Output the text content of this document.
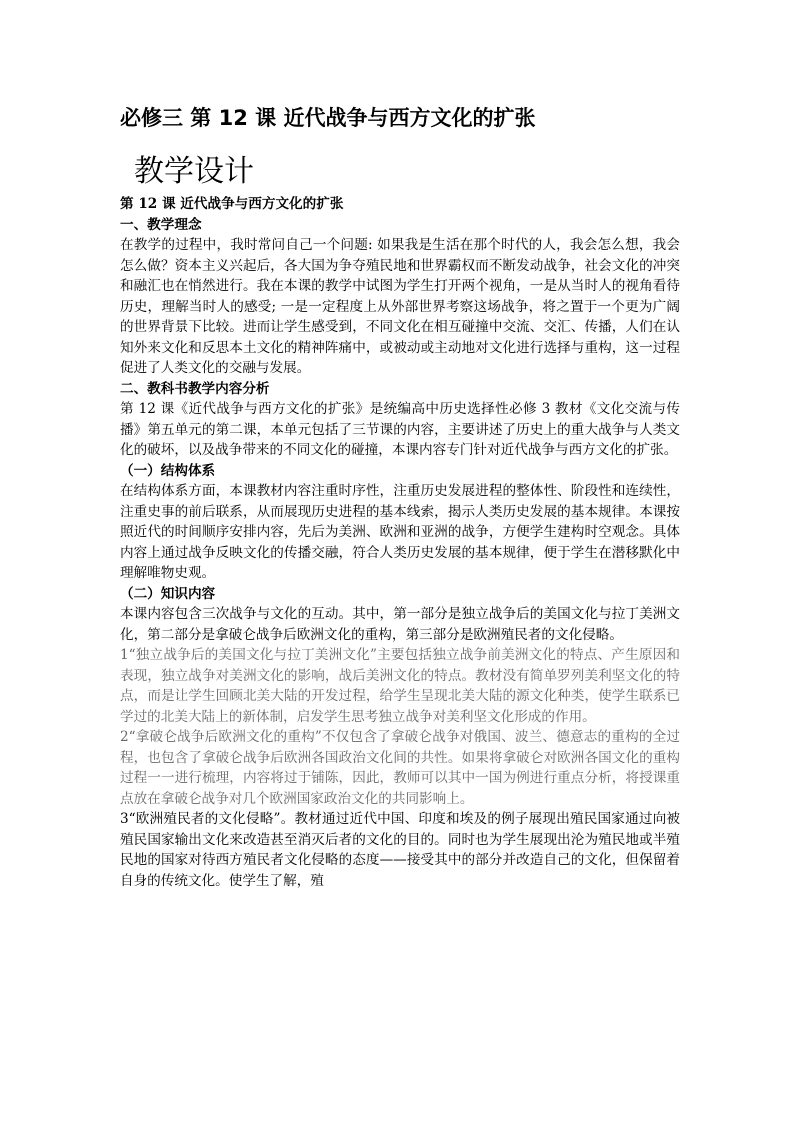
必修三 第 12 课 近代战争与西方文化的扩张
教学设计

第 12 课 近代战争与西方文化的扩张

一、教学理念

在教学的过程中，我时常问自己一个问题: 如果我是生活在那个时代的人，我会怎么想，我会怎么做？资本主义兴起后，各大国为争夺殖民地和世界霸权而不断发动战争，社会文化的冲突和融汇也在悄然进行。我在本课的教学中试图为学生打开两个视角，一是从当时人的视角看待历史，理解当时人的感受; 一是一定程度上从外部世界考察这场战争，将之置于一个更为广阔的世界背景下比较。进而让学生感受到，不同文化在相互碰撞中交流、交汇、传播，人们在认知外来文化和反思本土文化的精神阵痛中，或被动或主动地对文化进行选择与重构，这一过程促进了人类文化的交融与发展。

二、教科书教学内容分析

第 12 课《近代战争与西方文化的扩张》是统编高中历史选择性必修 3 教材《文化交流与传播》第五单元的第二课，本单元包括了三节课的内容，主要讲述了历史上的重大战争与人类文化的破坏，以及战争带来的不同文化的碰撞，本课内容专门针对近代战争与西方文化的扩张。

（一）结构体系

在结构体系方面，本课教材内容注重时序性，注重历史发展进程的整体性、阶段性和连续性，注重史事的前后联系，从而展现历史进程的基本线索，揭示人类历史发展的基本规律。本课按照近代的时间顺序安排内容，先后为美洲、欧洲和亚洲的战争，方便学生建构时空观念。具体内容上通过战争反映文化的传播交融，符合人类历史发展的基本规律，便于学生在潜移默化中理解唯物史观。

（二）知识内容

本课内容包含三次战争与文化的互动。其中，第一部分是独立战争后的美国文化与拉丁美洲文化，第二部分是拿破仑战争后欧洲文化的重构，第三部分是欧洲殖民者的文化侵略。

1“独立战争后的美国文化与拉丁美洲文化”主要包括独立战争前美洲文化的特点、产生原因和表现，独立战争对美洲文化的影响，战后美洲文化的特点。教材没有简单罗列美利坚文化的特点，而是让学生回顾北美大陆的开发过程，给学生呈现北美大陆的源文化种类，使学生联系已学过的北美大陆上的新体制，启发学生思考独立战争对美利坚文化形成的作用。

2“拿破仑战争后欧洲文化的重构”不仅包含了拿破仑战争对俄国、波兰、德意志的重构的全过程，也包含了拿破仑战争后欧洲各国政治文化间的共性。如果将拿破仑对欧洲各国文化的重构过程一一进行梳理，内容将过于铺陈，因此，教师可以其中一国为例进行重点分析，将授课重点放在拿破仑战争对几个欧洲国家政治文化的共同影响上。

3“欧洲殖民者的文化侵略”。教材通过近代中国、印度和埃及的例子展现出殖民国家通过向被殖民国家输出文化来改造甚至消灭后者的文化的目的。同时也为学生展现出沦为殖民地或半殖民地的国家对待西方殖民者文化侵略的态度——接受其中的部分并改造自己的文化，但保留着自身的传统文化。使学生了解，殖
